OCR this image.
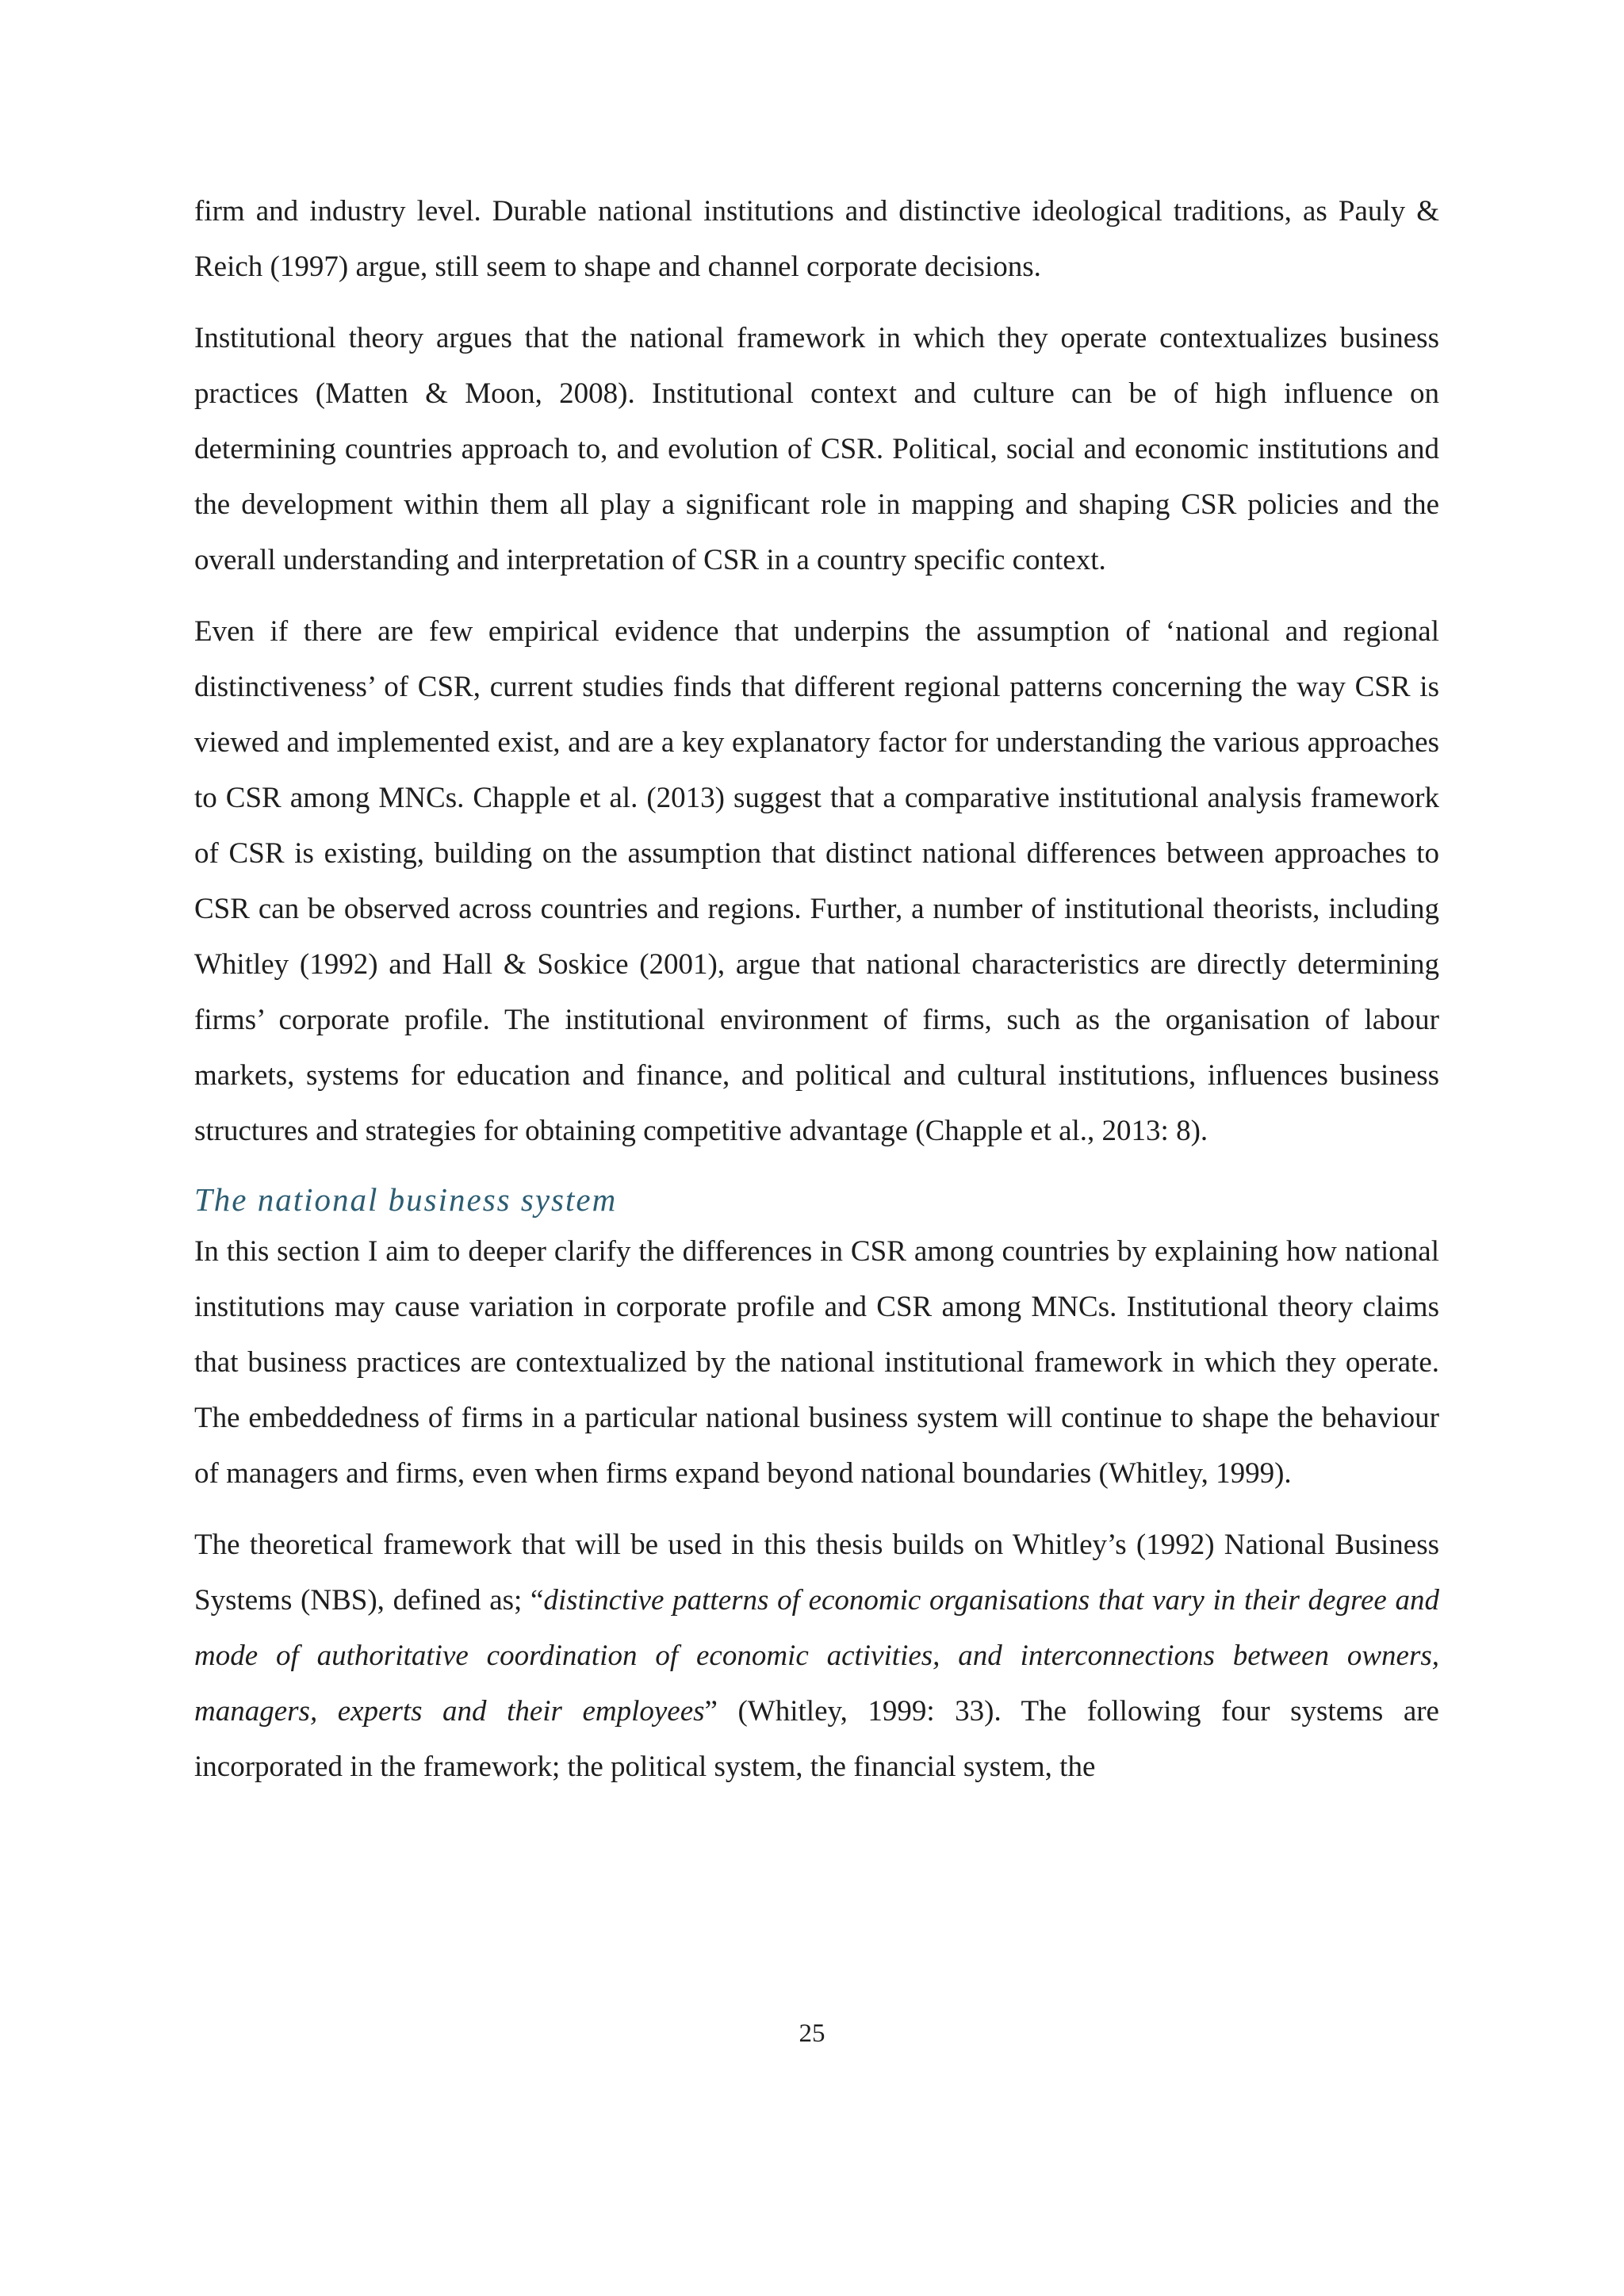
firm and industry level. Durable national institutions and distinctive ideological traditions, as Pauly & Reich (1997) argue, still seem to shape and channel corporate decisions.

Institutional theory argues that the national framework in which they operate contextualizes business practices (Matten & Moon, 2008). Institutional context and culture can be of high influence on determining countries approach to, and evolution of CSR. Political, social and economic institutions and the development within them all play a significant role in mapping and shaping CSR policies and the overall understanding and interpretation of CSR in a country specific context.

Even if there are few empirical evidence that underpins the assumption of ‘national and regional distinctiveness’ of CSR, current studies finds that different regional patterns concerning the way CSR is viewed and implemented exist, and are a key explanatory factor for understanding the various approaches to CSR among MNCs. Chapple et al. (2013) suggest that a comparative institutional analysis framework of CSR is existing, building on the assumption that distinct national differences between approaches to CSR can be observed across countries and regions. Further, a number of institutional theorists, including Whitley (1992) and Hall & Soskice (2001), argue that national characteristics are directly determining firms’ corporate profile. The institutional environment of firms, such as the organisation of labour markets, systems for education and finance, and political and cultural institutions, influences business structures and strategies for obtaining competitive advantage (Chapple et al., 2013: 8).

The national business system

In this section I aim to deeper clarify the differences in CSR among countries by explaining how national institutions may cause variation in corporate profile and CSR among MNCs. Institutional theory claims that business practices are contextualized by the national institutional framework in which they operate. The embeddedness of firms in a particular national business system will continue to shape the behaviour of managers and firms, even when firms expand beyond national boundaries (Whitley, 1999).

The theoretical framework that will be used in this thesis builds on Whitley’s (1992) National Business Systems (NBS), defined as; “distinctive patterns of economic organisations that vary in their degree and mode of authoritative coordination of economic activities, and interconnections between owners, managers, experts and their employees” (Whitley, 1999: 33). The following four systems are incorporated in the framework; the political system, the financial system, the

25
